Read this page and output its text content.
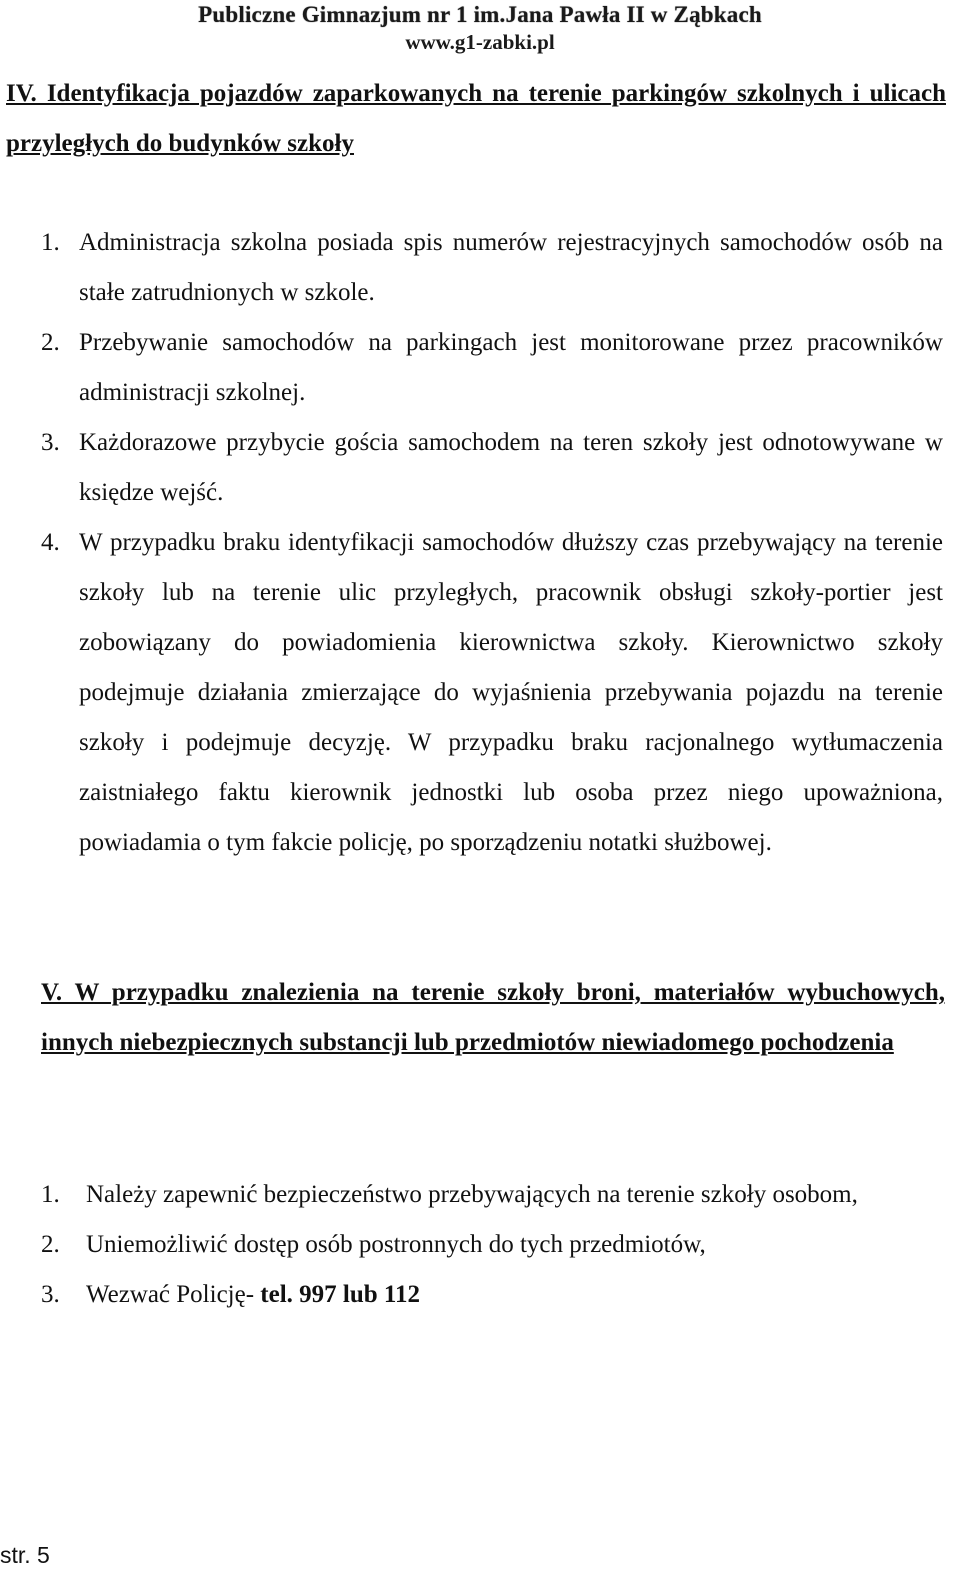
Publiczne Gimnazjum nr 1 im.Jana Pawła II w Ząbkach
www.g1-zabki.pl
IV. Identyfikacja pojazdów zaparkowanych na terenie parkingów szkolnych i ulicach przyległych do budynków szkoły
1. Administracja szkolna posiada spis numerów rejestracyjnych samochodów osób na stałe zatrudnionych w szkole.
2. Przebywanie samochodów na parkingach jest monitorowane przez pracowników administracji szkolnej.
3. Każdorazowe przybycie gościa samochodem na teren szkoły jest odnotowywane w księdze wejść.
4. W przypadku braku identyfikacji samochodów dłuższy czas przebywający na terenie szkoły lub na terenie ulic przyległych, pracownik obsługi szkoły-portier jest zobowiązany do powiadomienia kierownictwa szkoły. Kierownictwo szkoły podejmuje działania zmierzające do wyjaśnienia przebywania pojazdu na terenie szkoły i podejmuje decyzję. W przypadku braku racjonalnego wytłumaczenia zaistniałego faktu kierownik jednostki lub osoba przez niego upoważniona, powiadamia o tym fakcie policję, po sporządzeniu notatki służbowej.
V. W przypadku znalezienia na terenie szkoły broni, materiałów wybuchowych, innych niebezpiecznych substancji lub przedmiotów niewiadomego pochodzenia
1. Należy zapewnić bezpieczeństwo przebywających na terenie szkoły osobom,
2. Uniemożliwić dostęp osób postronnych do tych przedmiotów,
3. Wezwać Policję- tel. 997 lub 112
str. 5
